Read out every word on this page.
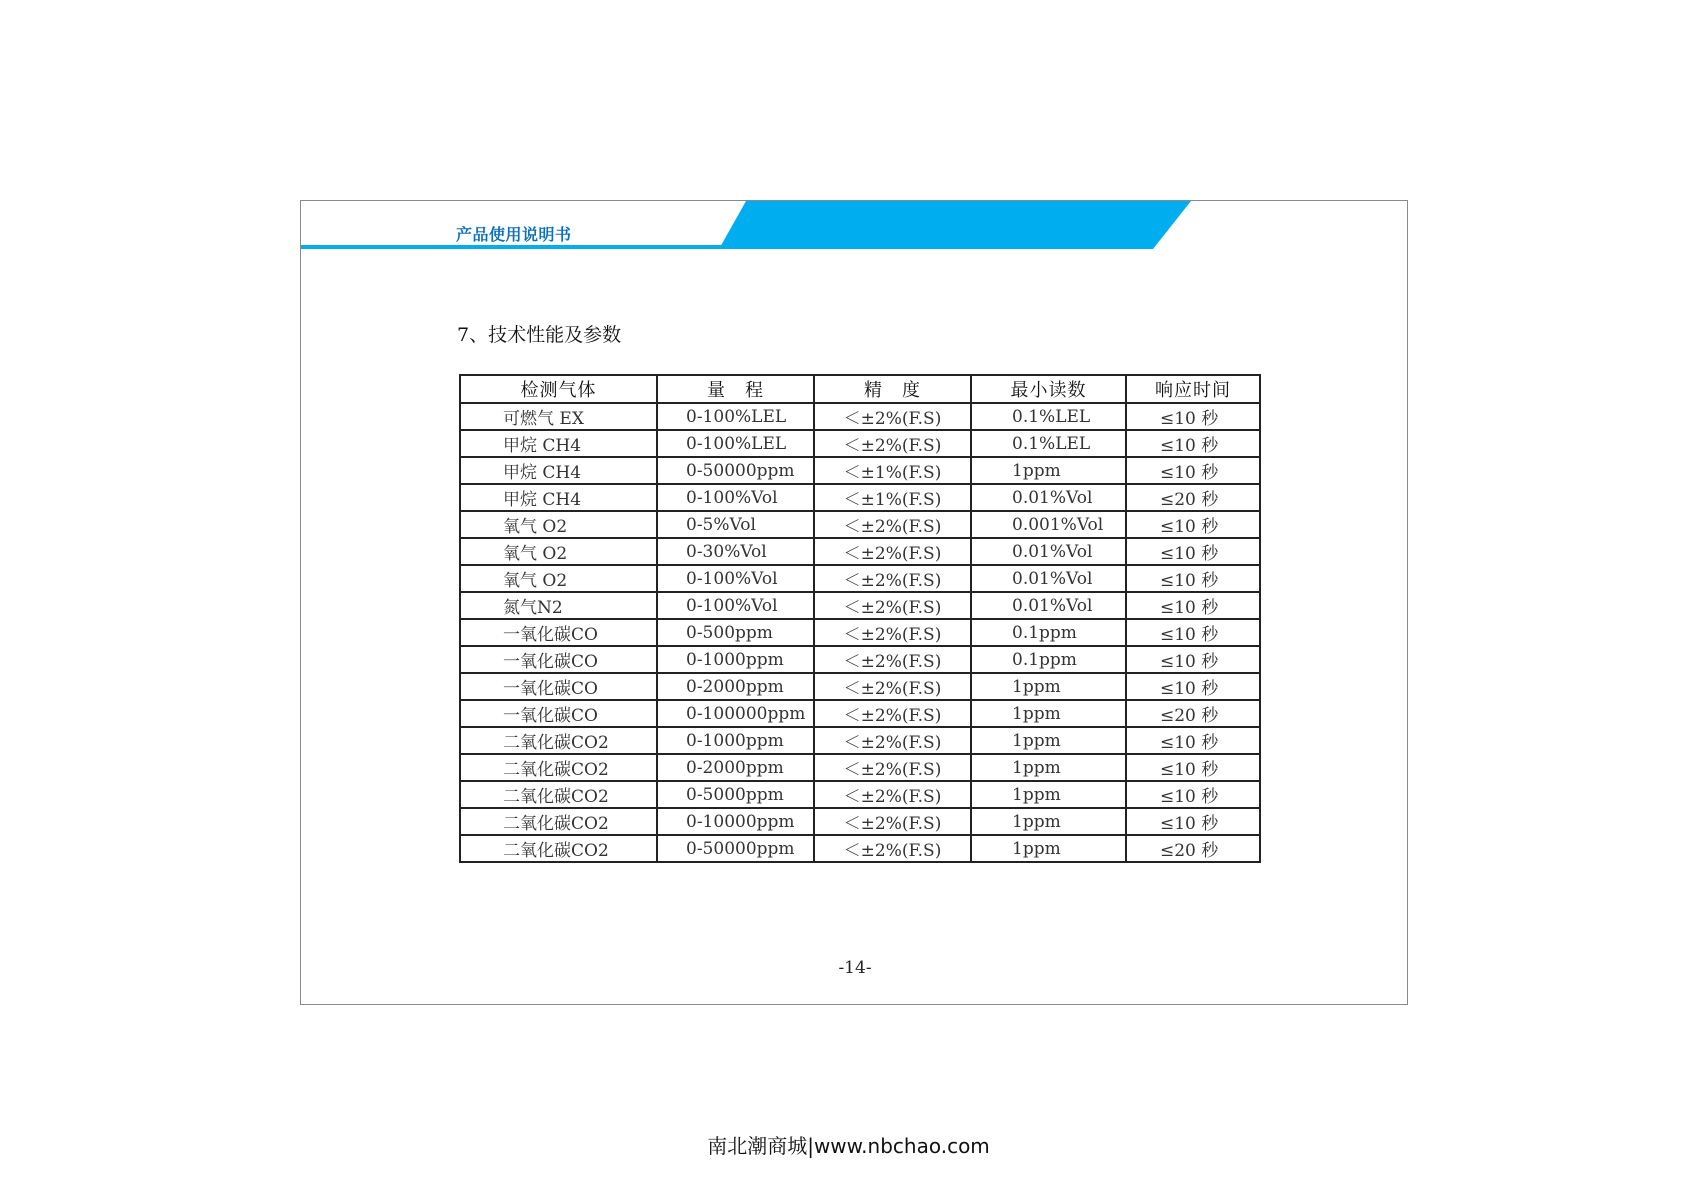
产品使用说明书
7、技术性能及参数
检测气体	量　程	精　度	最小读数	响应时间
可燃气 EX	0-100%LEL	＜±2%(F.S)	0.1%LEL	≤10 秒
甲烷 CH4	0-100%LEL	＜±2%(F.S)	0.1%LEL	≤10 秒
甲烷 CH4	0-50000ppm	＜±1%(F.S)	1ppm	≤10 秒
甲烷 CH4	0-100%Vol	＜±1%(F.S)	0.01%Vol	≤20 秒
氧气 O2	0-5%Vol	＜±2%(F.S)	0.001%Vol	≤10 秒
氧气 O2	0-30%Vol	＜±2%(F.S)	0.01%Vol	≤10 秒
氧气 O2	0-100%Vol	＜±2%(F.S)	0.01%Vol	≤10 秒
氮气N2	0-100%Vol	＜±2%(F.S)	0.01%Vol	≤10 秒
一氧化碳CO	0-500ppm	＜±2%(F.S)	0.1ppm	≤10 秒
一氧化碳CO	0-1000ppm	＜±2%(F.S)	0.1ppm	≤10 秒
一氧化碳CO	0-2000ppm	＜±2%(F.S)	1ppm	≤10 秒
一氧化碳CO	0-100000ppm	＜±2%(F.S)	1ppm	≤20 秒
二氧化碳CO2	0-1000ppm	＜±2%(F.S)	1ppm	≤10 秒
二氧化碳CO2	0-2000ppm	＜±2%(F.S)	1ppm	≤10 秒
二氧化碳CO2	0-5000ppm	＜±2%(F.S)	1ppm	≤10 秒
二氧化碳CO2	0-10000ppm	＜±2%(F.S)	1ppm	≤10 秒
二氧化碳CO2	0-50000ppm	＜±2%(F.S)	1ppm	≤20 秒
-14-
南北潮商城|www.nbchao.com
